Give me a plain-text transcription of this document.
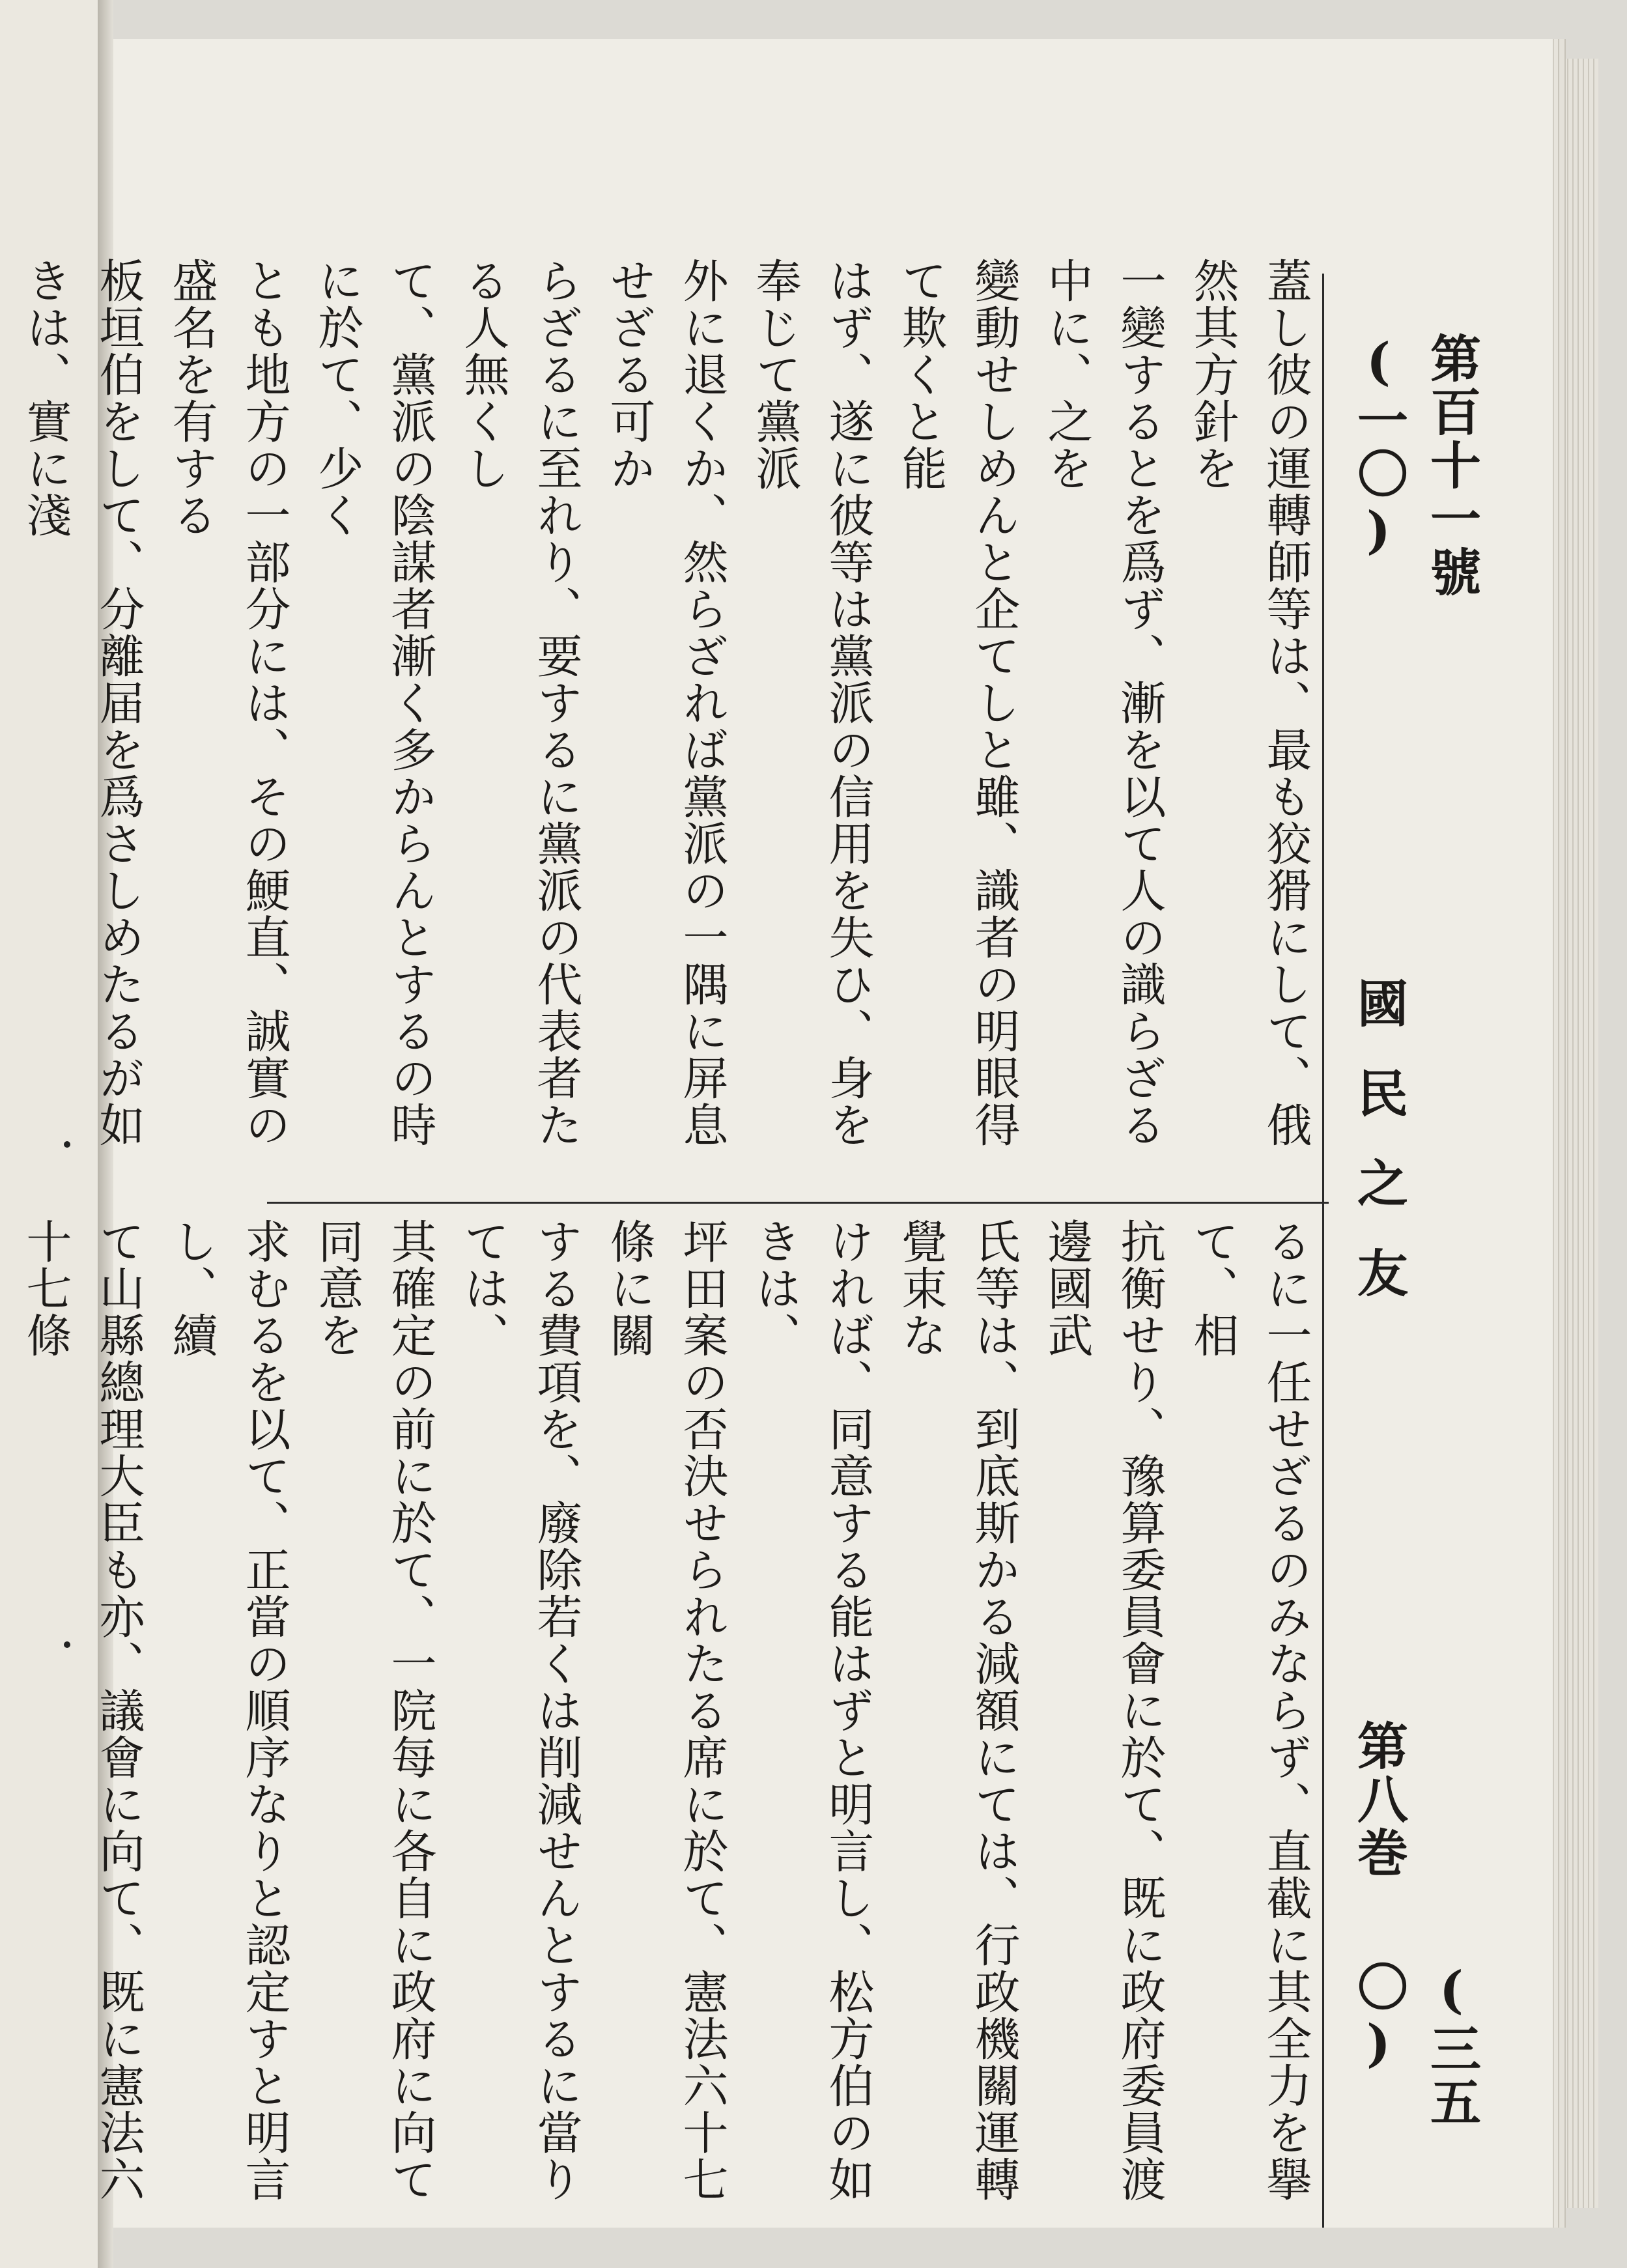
第百十一號 (一〇)
國民之友
第八巻
(三五〇)
蓋し彼の運轉師等は、最も狡猾にして、俄然其方針を
一變するとを爲ず、漸を以て人の識らざる中に、之を
變動せしめんと企てしと雖、識者の明眼得て欺くと能
はず、遂に彼等は黨派の信用を失ひ、身を奉じて黨派
外に退くか、然らざれば黨派の一隅に屏息せざる可か
らざるに至れり、要するに黨派の代表者たる人無くし
て、黨派の陰謀者漸く多からんとするの時に於て、少く
とも地方の一部分には、その鯁直、誠實の盛名を有する
板垣伯をして、分離届を爲さしめたるが如きは、實に淺
るに一任せざるのみならず、直截に其全力を擧て、相
抗衡せり、豫算委員會に於て、既に政府委員渡邊國武
氏等は、到底斯かる減額にては、行政機關運轉覺束な
ければ、同意する能はずと明言し、松方伯の如きは、
坪田案の否決せられたる席に於て、憲法六十七條に關
する費項を、廢除若くは削減せんとするに當りては、
其確定の前に於て、一院每に各自に政府に向て同意を
求むるを以て、正當の順序なりと認定すと明言し、續
て山縣總理大臣も亦、議會に向て、既に憲法六十七條
